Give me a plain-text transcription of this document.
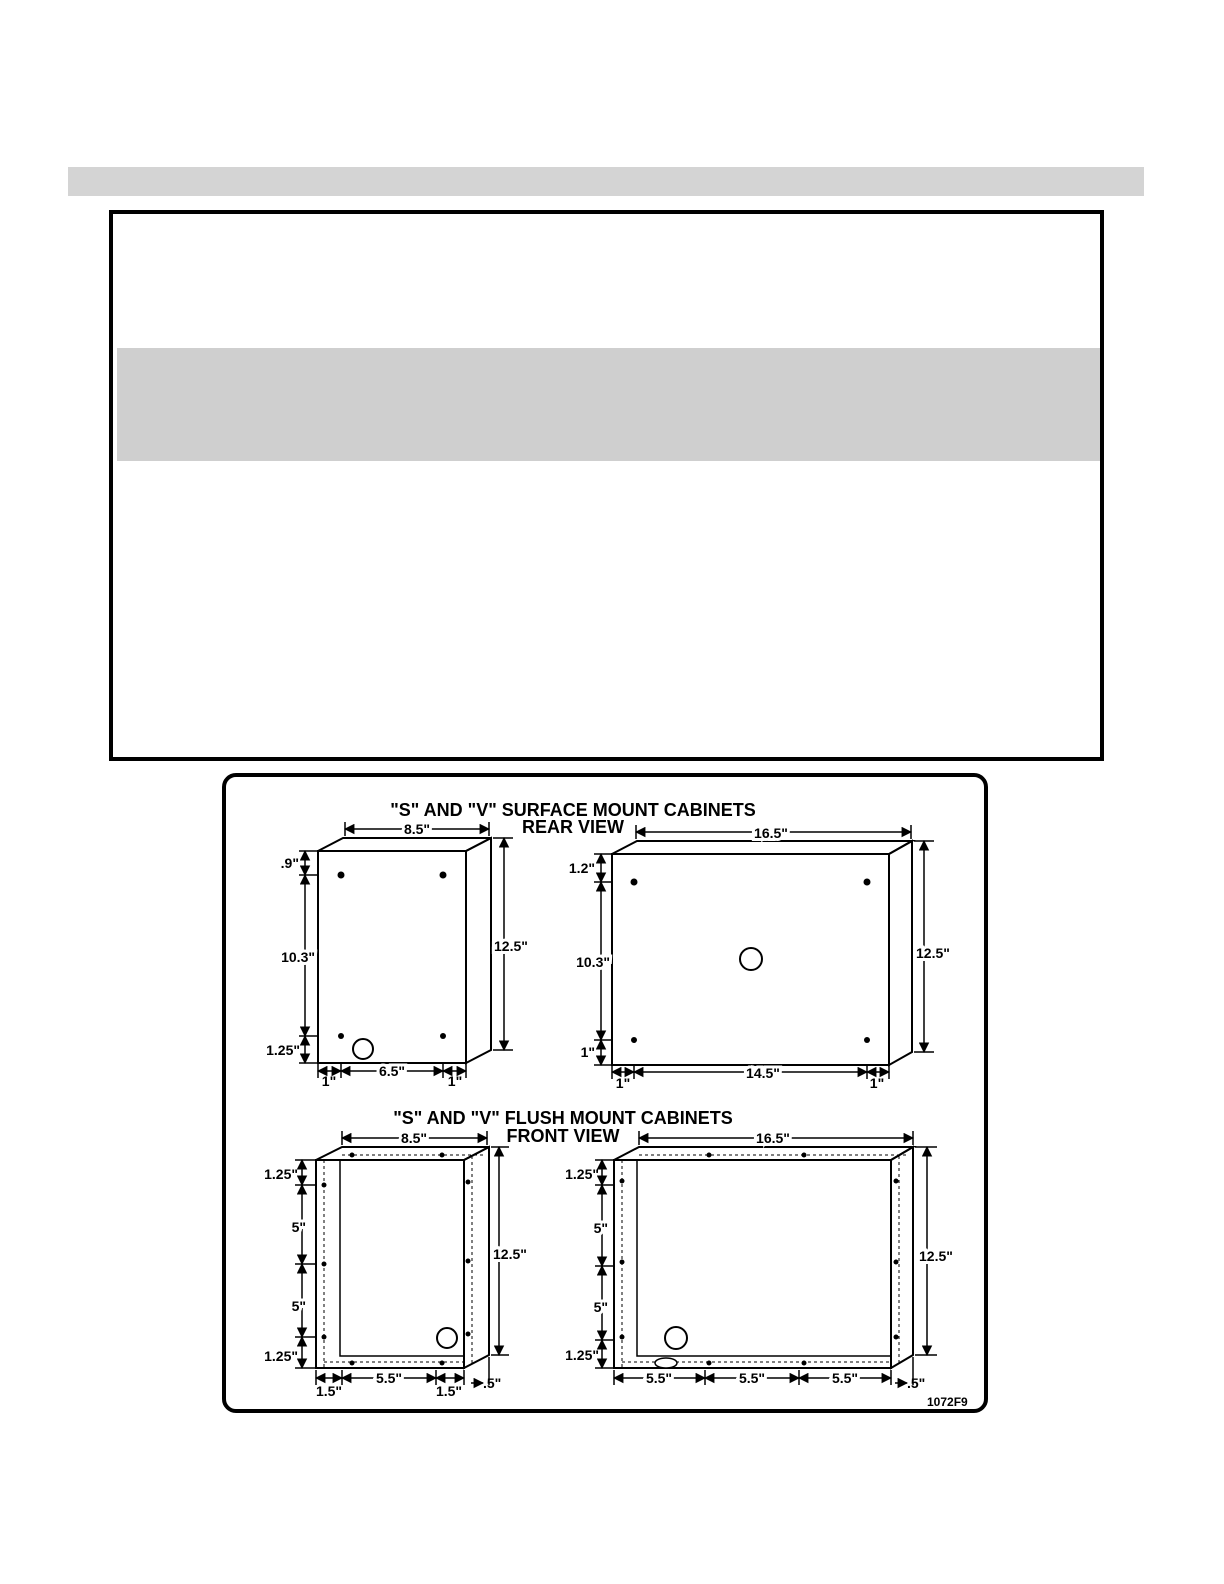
"S" AND "V" SURFACE MOUNT CABINETS
REAR VIEW
"S" AND "V" FLUSH MOUNT CABINETS
FRONT VIEW
1072F9
8.5"
12.5"
.9"
10.3"
1.25"
1"
6.5"
1"
16.5"
12.5"
1.2"
10.3"
1"
1"
14.5"
1"
8.5"
12.5"
1.25"
5"
5"
1.25"
1.5"
5.5"
1.5" .5"
16.5"
12.5"
1.25"
5"
5"
1.25"
5.5"	5.5"	5.5"	.5"
